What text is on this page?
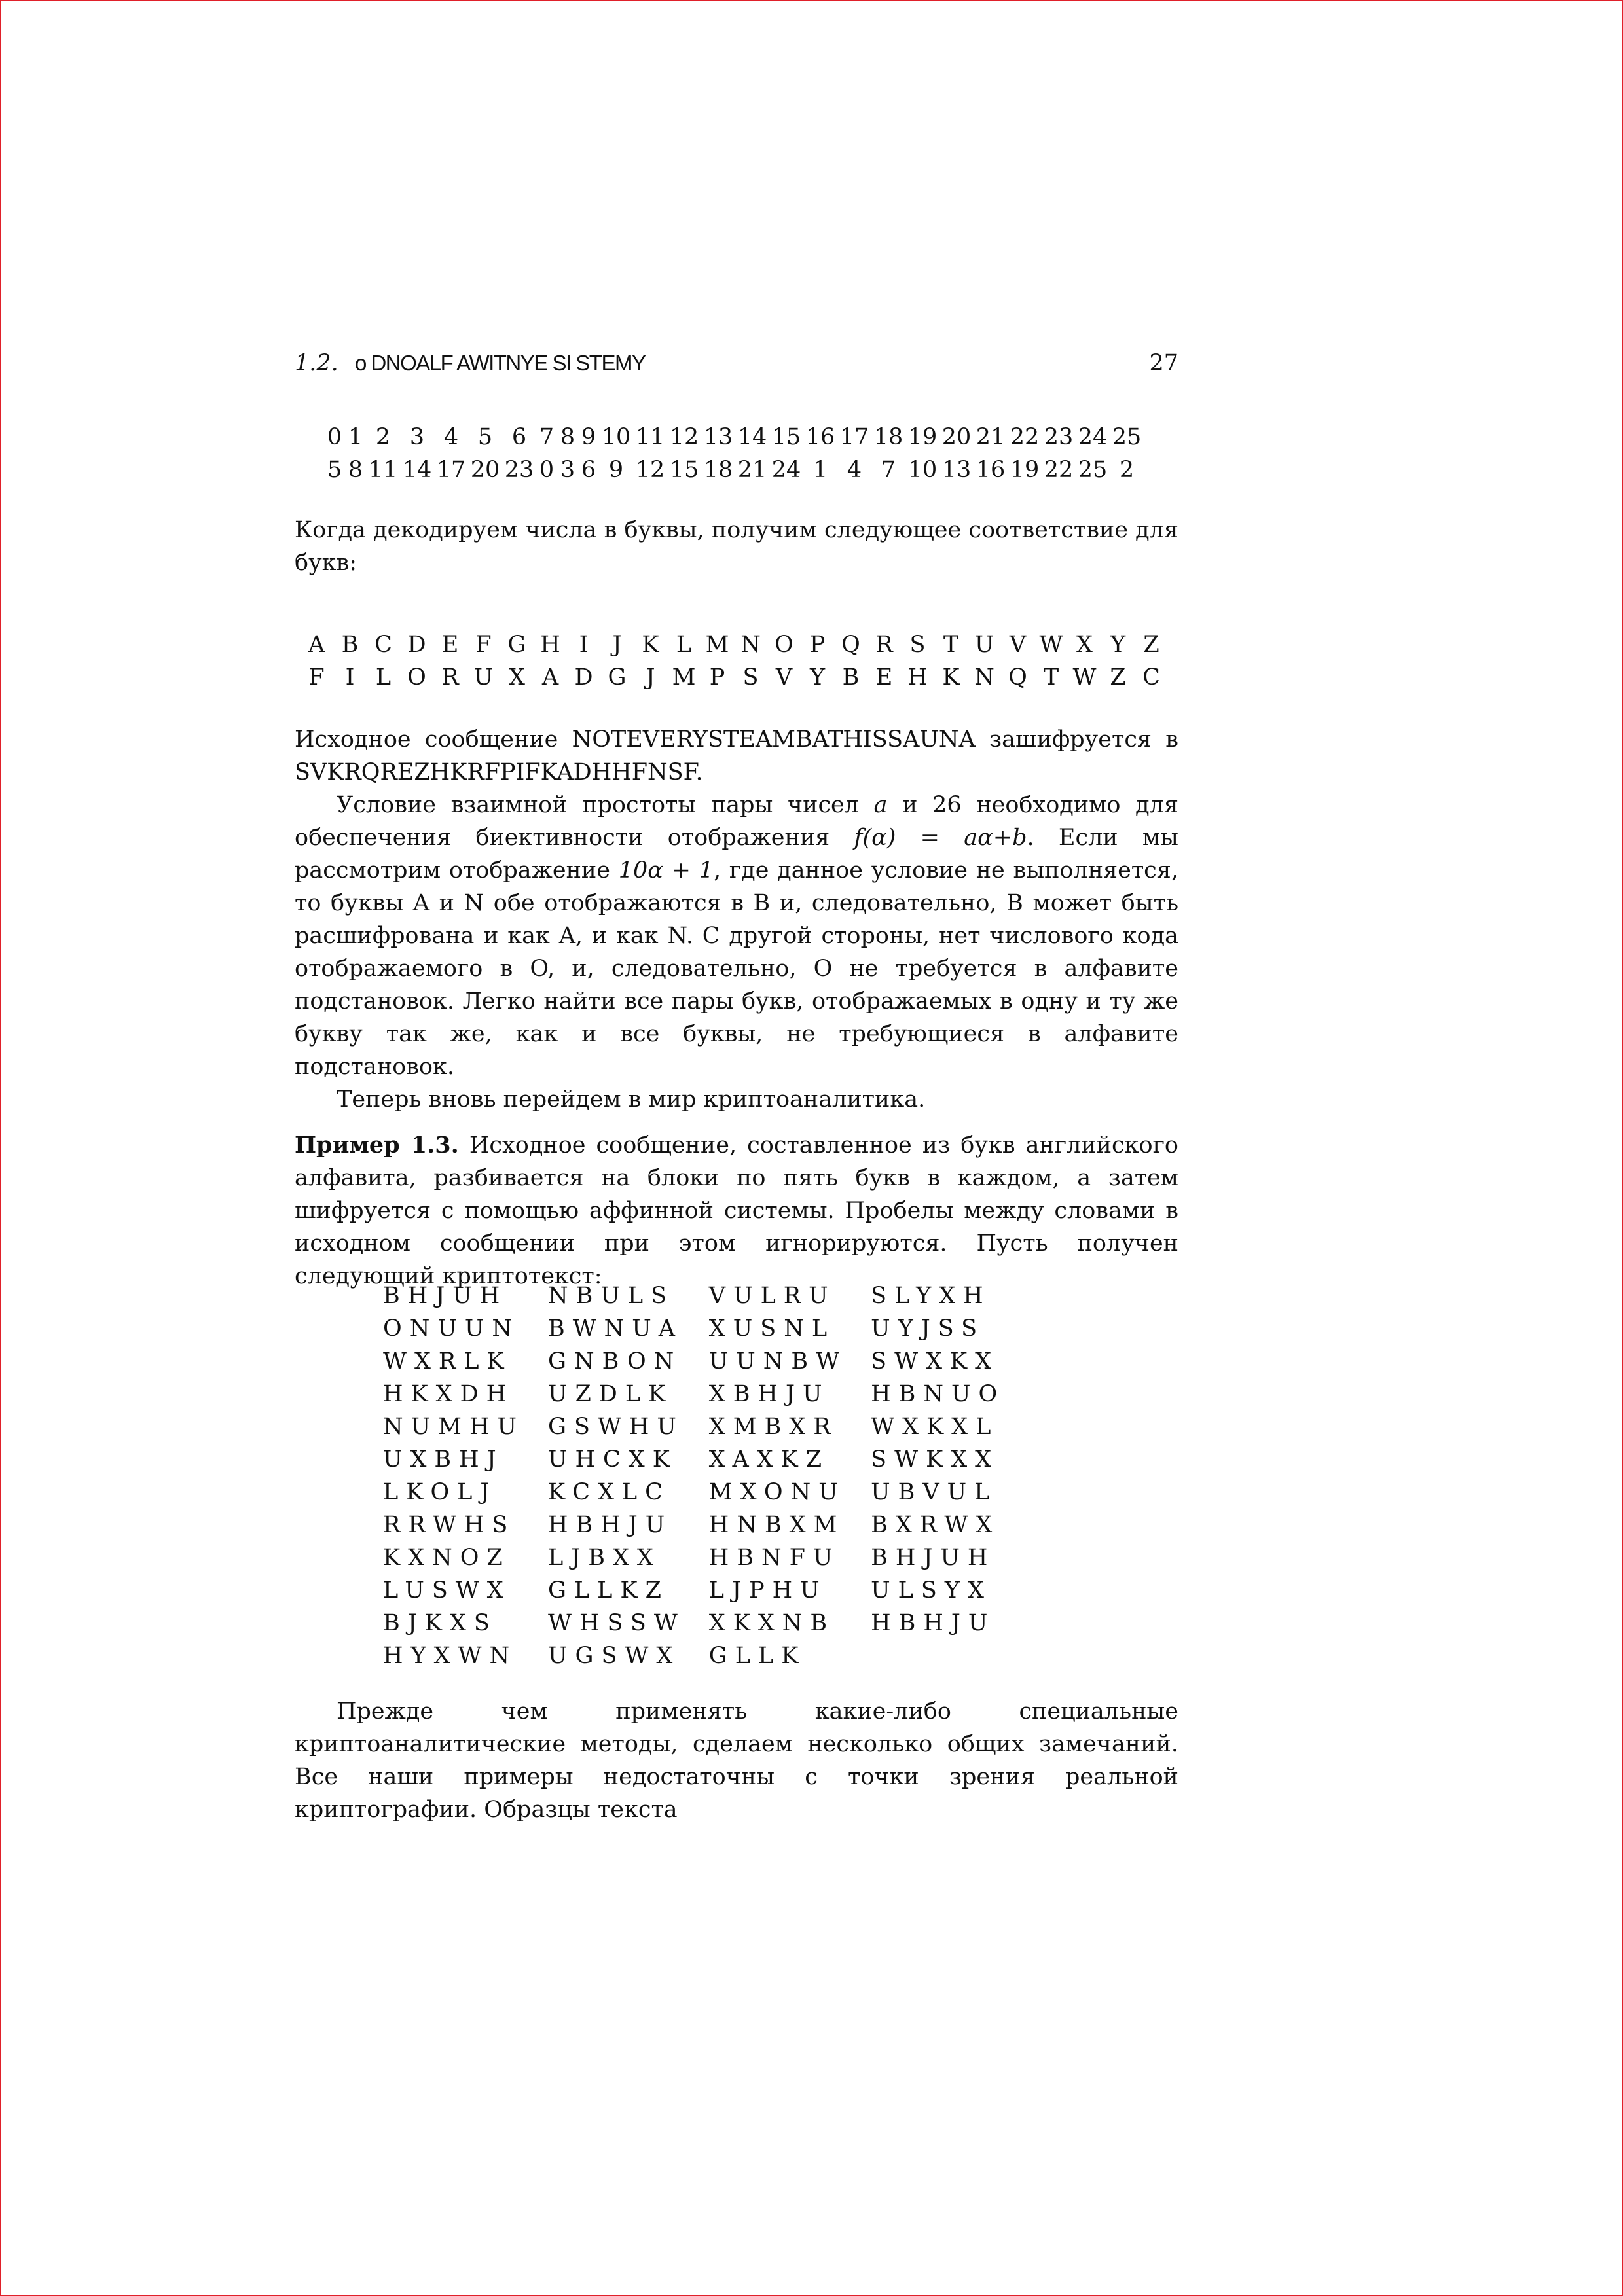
1.2. o DNOALF AWITNYE SI STEMY	27
0	1	2	3	4	5	6	7	8	9	10	11	12	13	14	15	16	17	18	19	20	21	22	23	24	25
5	8	11	14	17	20	23	0	3	6	9	12	15	18	21	24	1	4	7	10	13	16	19	22	25	2

Когда декодируем числа в буквы, получим следующее соответствие для букв:

A	B	C	D	E	F	G	H	I	J	K	L	M	N	O	P	Q	R	S	T	U	V	W	X	Y	Z
F	I	L	O	R	U	X	A	D	G	J	M	P	S	V	Y	B	E	H	K	N	Q	T	W	Z	C

Исходное сообщение NOTEVERYSTEAMBATHISSAUNA зашифруется в SVKRQREZHKRFPIFKADHHFNSF.

Условие взаимной простоты пары чисел a и 26 необходимо для обеспечения биективности отображения f(α) = aα+b. Если мы рассмотрим отображение 10α + 1, где данное условие не выполняется, то буквы A и N обе отображаются в B и, следовательно, B может быть расшифрована и как A, и как N. С другой стороны, нет числового кода отображаемого в O, и, следовательно, O не требуется в алфавите подстановок. Легко найти все пары букв, отображаемых в одну и ту же букву так же, как и все буквы, не требующиеся в алфавите подстановок.

Теперь вновь перейдем в мир криптоаналитика.

Пример 1.3. Исходное сообщение, составленное из букв английского алфавита, разбивается на блоки по пять букв в каждом, а затем шифруется с помощью аффинной системы. Пробелы между словами в исходном сообщении при этом игнорируются. Пусть получен следующий криптотекст:

BHJUH	NBULS	VULRU	SLYXH
ONUUN	BWNUA	XUSNL	UYJSS
WXRLK	GNBON	UUNBW	SWXKX
HKXDH	UZDLK	XBHJU	HBNUO
NUMHU	GSWHU	XMBXR	WXKXL
UXBHJ	UHCXK	XAXKZ	SWKXX
LKOLJ	KCXLC	MXONU	UBVUL
RRWHS	HBHJU	HNBXM	BXRWX
KXNOZ	LJBXX	HBNFU	BHJUH
LUSWX	GLLKZ	LJPHU	ULSYX
BJKXS	WHSSW	XKXNB	HBHJU
HYXWN	UGSWX	GLLK	

Прежде чем применять какие-либо специальные криптоаналитические методы, сделаем несколько общих замечаний. Все наши примеры недостаточны с точки зрения реальной криптографии. Образцы текста
